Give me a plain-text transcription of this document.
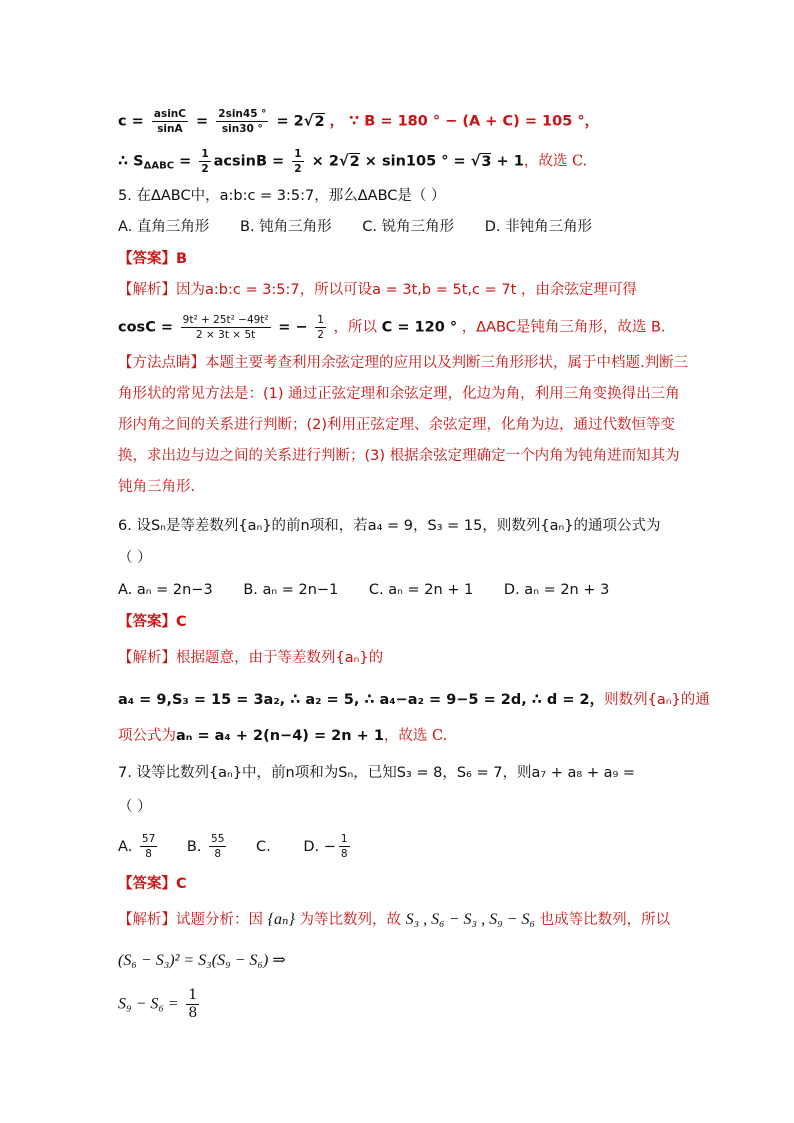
$c = \frac{asinC}{\sin A} = \frac{2\sin 45 ^\circ}{\sin 30 ^\circ} = 2√2$ ， ∵ B = 180 ° − (A + C) = 105 °，
∴ $S_{\Delta ABC} = \frac{1}{2}$ $acsinB = \frac{1}{2} \times 2√2 \times \sin 105$ ° = √3 + 1，故选 C.
5. 在ΔABC中，a:b:c = 3:5:7，那么ΔABC是（ ）
A. 直角三角形 B. 钝角三角形 C. 锐角三角形 D. 非钝角三角形
【答案】B
【解析】因为a:b:c = 3:5:7，所以可设a = 3t,b = 5t,c = 7t ，由余弦定理可得
$\cos C = \frac{\text{9t² + 25t² −49t²}}{2 \times 3t \times 5t}$ = − $\frac{1}{2}$ ，所以 C = 120 ° ，ΔABC是钝角三角形，故选 B.
【方法点睛】本题主要考查利用余弦定理的应用以及判断三角形形状，属于中档题.判断三
角形状的常见方法是：(1) 通过正弦定理和余弦定理，化边为角，利用三角变换得出三角
形内角之间的关系进行判断；(2)利用正弦定理、余弦定理，化角为边，通过代数恒等变
换，求出边与边之间的关系进行判断；(3) 根据余弦定理确定一个内角为钝角进而知其为
钝角三角形.
6. 设Sₙ是等差数列{aₙ}的前n项和，若a₄ = 9，S₃ = 15，则数列{aₙ}的通项公式为
（ ）
A. aₙ = 2n−3 B. aₙ = 2n−1 C. aₙ = 2n + 1 D. aₙ = 2n + 3
【答案】C
【解析】根据题意，由于等差数列{aₙ}的
a₄ = 9,S₃ = 15 = 3a₂, ∴ a₂ = 5, ∴ a₄−a₂ = 9−5 = 2d, ∴ d = 2，则数列{aₙ}的通
项公式为aₙ = a₄ + 2(n−4) = 2n + 1，故选 C.
7. 设等比数列{aₙ}中，前n项和为Sₙ，已知S₃ = 8，S₆ = 7，则a₇ + a₈ + a₉ =
（ ）
A. $\frac{57}{8} B$. $\frac{55}{8} C$. D. − $\frac{1}{8}$
【答案】C
【解析】试题分析：因 {aₙ} 为等比数列，故 S₃ , S₆ − S₃ , S₉ − S₆ 也成等比数列，所以
(S₆ − S₃)² = S₃(S₉ − S₆) ⇒
$S_9 - S_6 = \frac{1}{8}$
